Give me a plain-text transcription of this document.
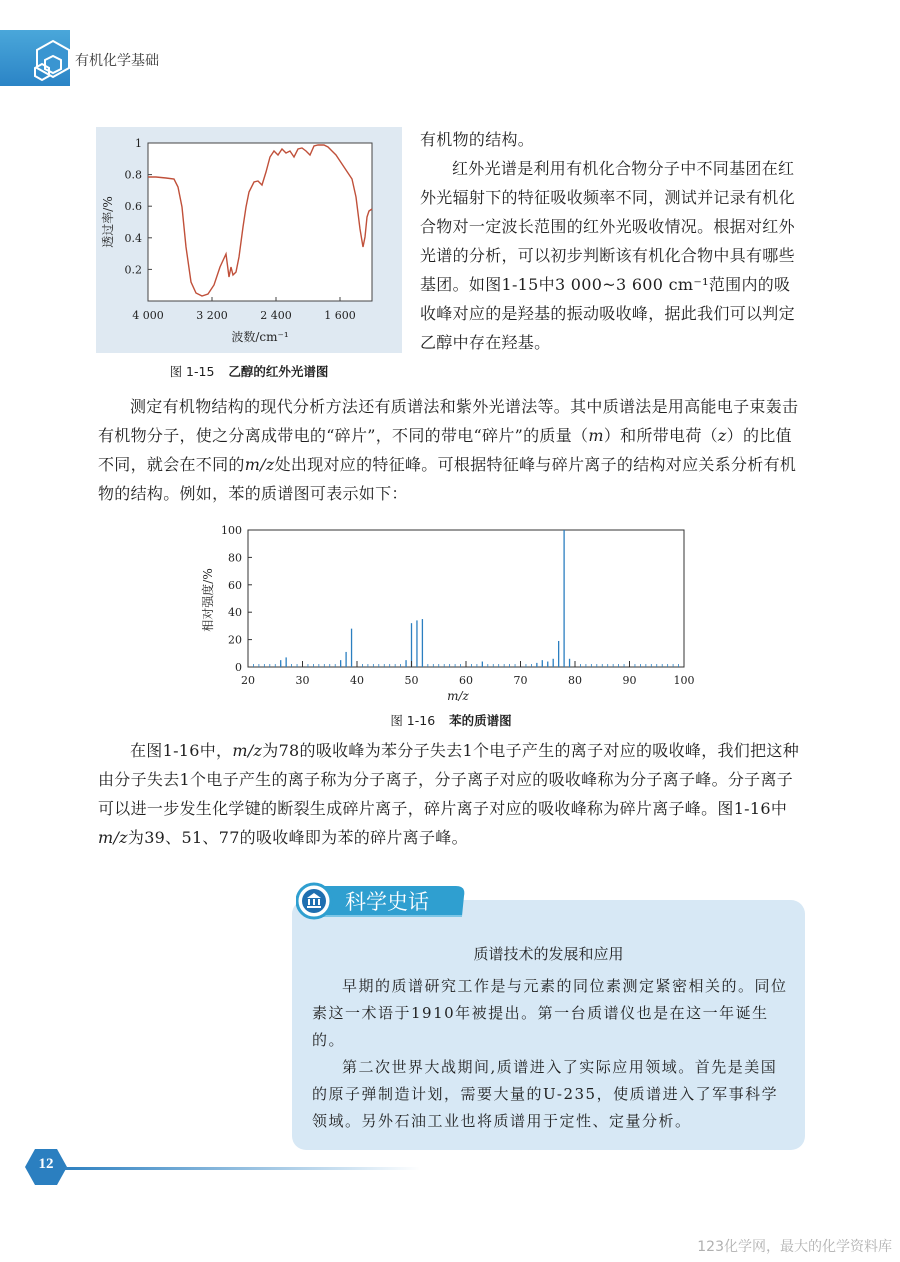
有机化学基础
1
0.8
0.6
0.4
0.2
4 000	3 200	2 400	1 600
透过率/%
波数/cm⁻¹
图 1-15 乙醇的红外光谱图

有机物的结构。

红外光谱是利用有机化合物分子中不同基团在红外光辐射下的特征吸收频率不同，测试并记录有机化合物对一定波长范围的红外光吸收情况。根据对红外光谱的分析，可以初步判断该有机化合物中具有哪些基团。如图1-15中3 000~3 600 cm⁻¹范围内的吸收峰对应的是羟基的振动吸收峰，据此我们可以判定乙醇中存在羟基。

测定有机物结构的现代分析方法还有质谱法和紫外光谱法等。其中质谱法是用高能电子束轰击有机物分子，使之分离成带电的“碎片”，不同的带电“碎片”的质量（m）和所带电荷（z）的比值不同，就会在不同的m/z处出现对应的特征峰。可根据特征峰与碎片离子的结构对应关系分析有机物的结构。例如，苯的质谱图可表示如下：

0
20
40
60
80
100
20	30	40	50	60	70	80	90	100
相对强度/%
m/z
图 1-16 苯的质谱图

在图1-16中，m/z为78的吸收峰为苯分子失去1个电子产生的离子对应的吸收峰，我们把这种由分子失去1个电子产生的离子称为分子离子，分子离子对应的吸收峰称为分子离子峰。分子离子可以进一步发生化学键的断裂生成碎片离子，碎片离子对应的吸收峰称为碎片离子峰。图1-16中m/z为39、51、77的吸收峰即为苯的碎片离子峰。

科学史话
质谱技术的发展和应用

早期的质谱研究工作是与元素的同位素测定紧密相关的。同位素这一术语于1910年被提出。第一台质谱仪也是在这一年诞生的。

第二次世界大战期间,质谱进入了实际应用领域。首先是美国的原子弹制造计划，需要大量的U-235，使质谱进入了军事科学领域。另外石油工业也将质谱用于定性、定量分析。

12
123化学网，最大的化学资料库
